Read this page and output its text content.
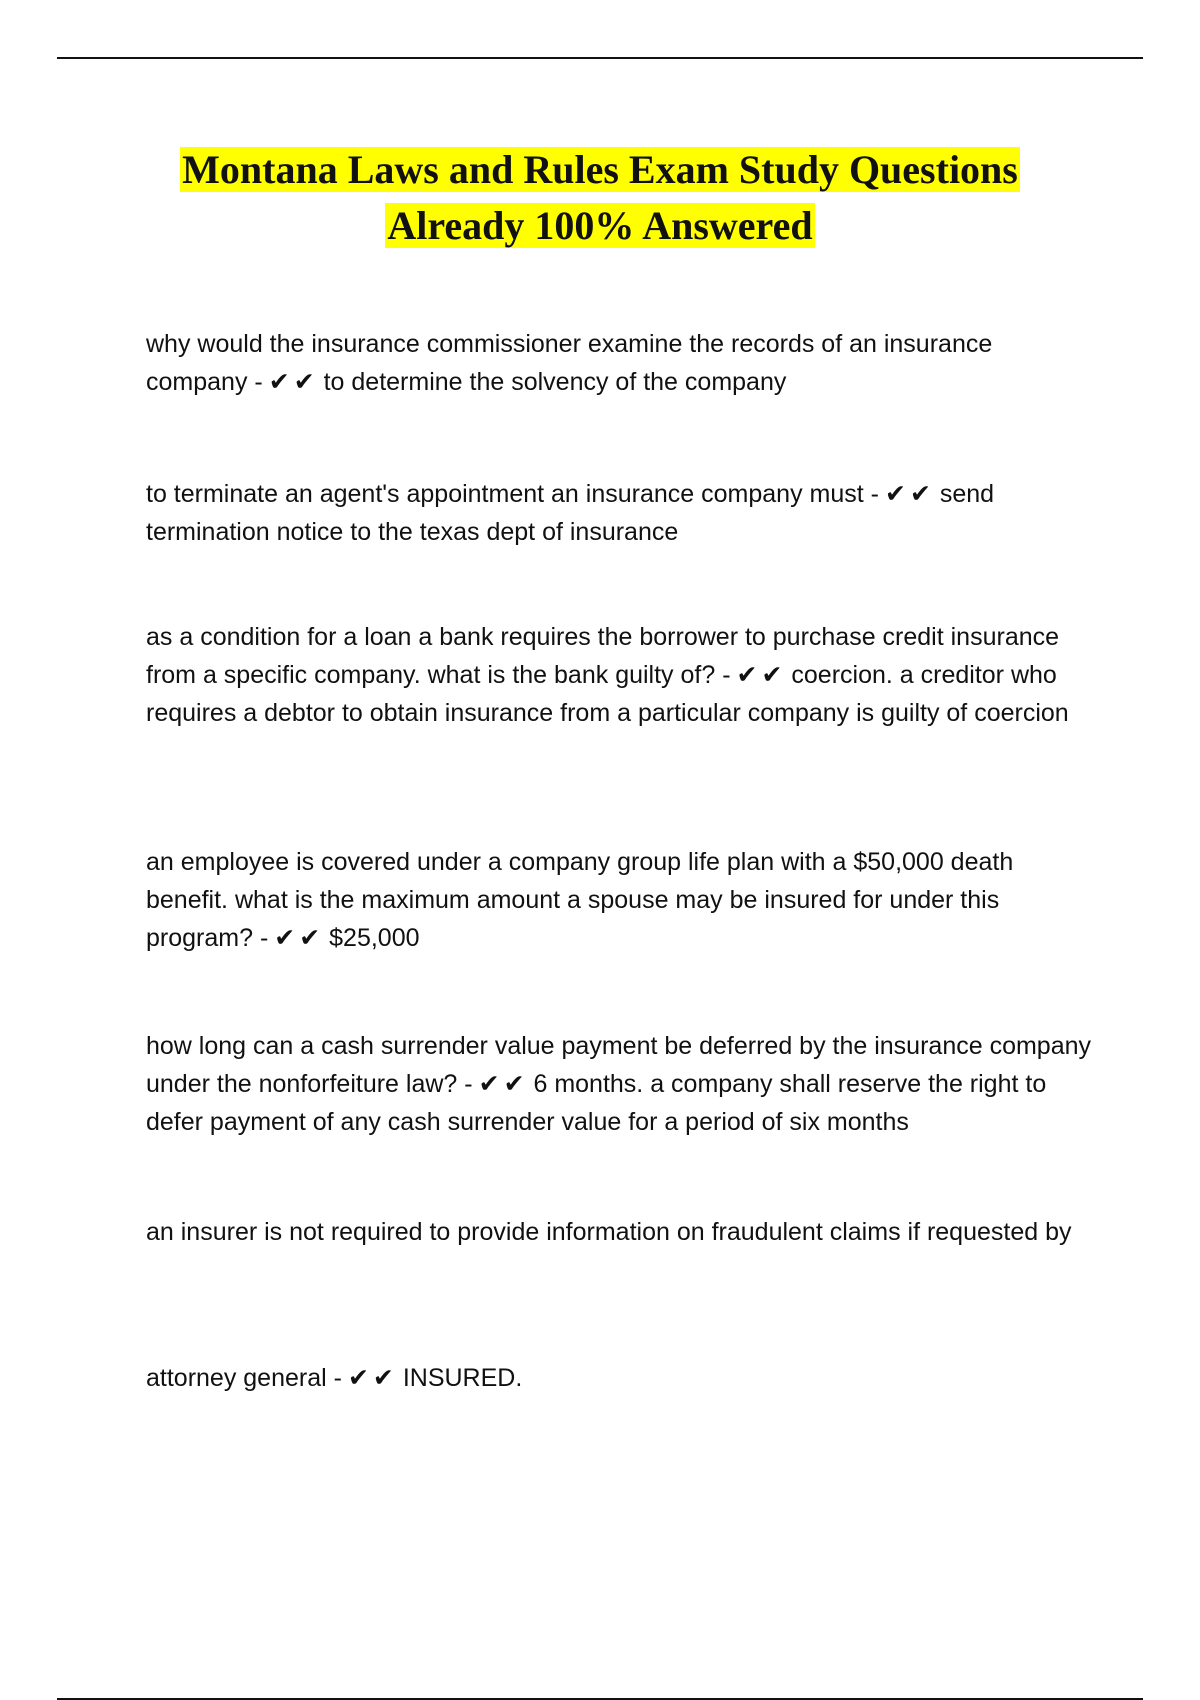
Montana Laws and Rules Exam Study Questions
Already 100% Answered

why would the insurance commissioner examine the records of an insurance company - ✔ ✔ to determine the solvency of the company

to terminate an agent's appointment an insurance company must - ✔ ✔ send termination notice to the texas dept of insurance

as a condition for a loan a bank requires the borrower to purchase credit insurance from a specific company. what is the bank guilty of? - ✔ ✔ coercion. a creditor who requires a debtor to obtain insurance from a particular company is guilty of coercion

an employee is covered under a company group life plan with a $50,000 death benefit. what is the maximum amount a spouse may be insured for under this program? - ✔ ✔ $25,000

how long can a cash surrender value payment be deferred by the insurance company under the nonforfeiture law? - ✔ ✔ 6 months. a company shall reserve the right to defer payment of any cash surrender value for a period of six months

an insurer is not required to provide information on fraudulent claims if requested by

attorney general - ✔ ✔ INSURED.
